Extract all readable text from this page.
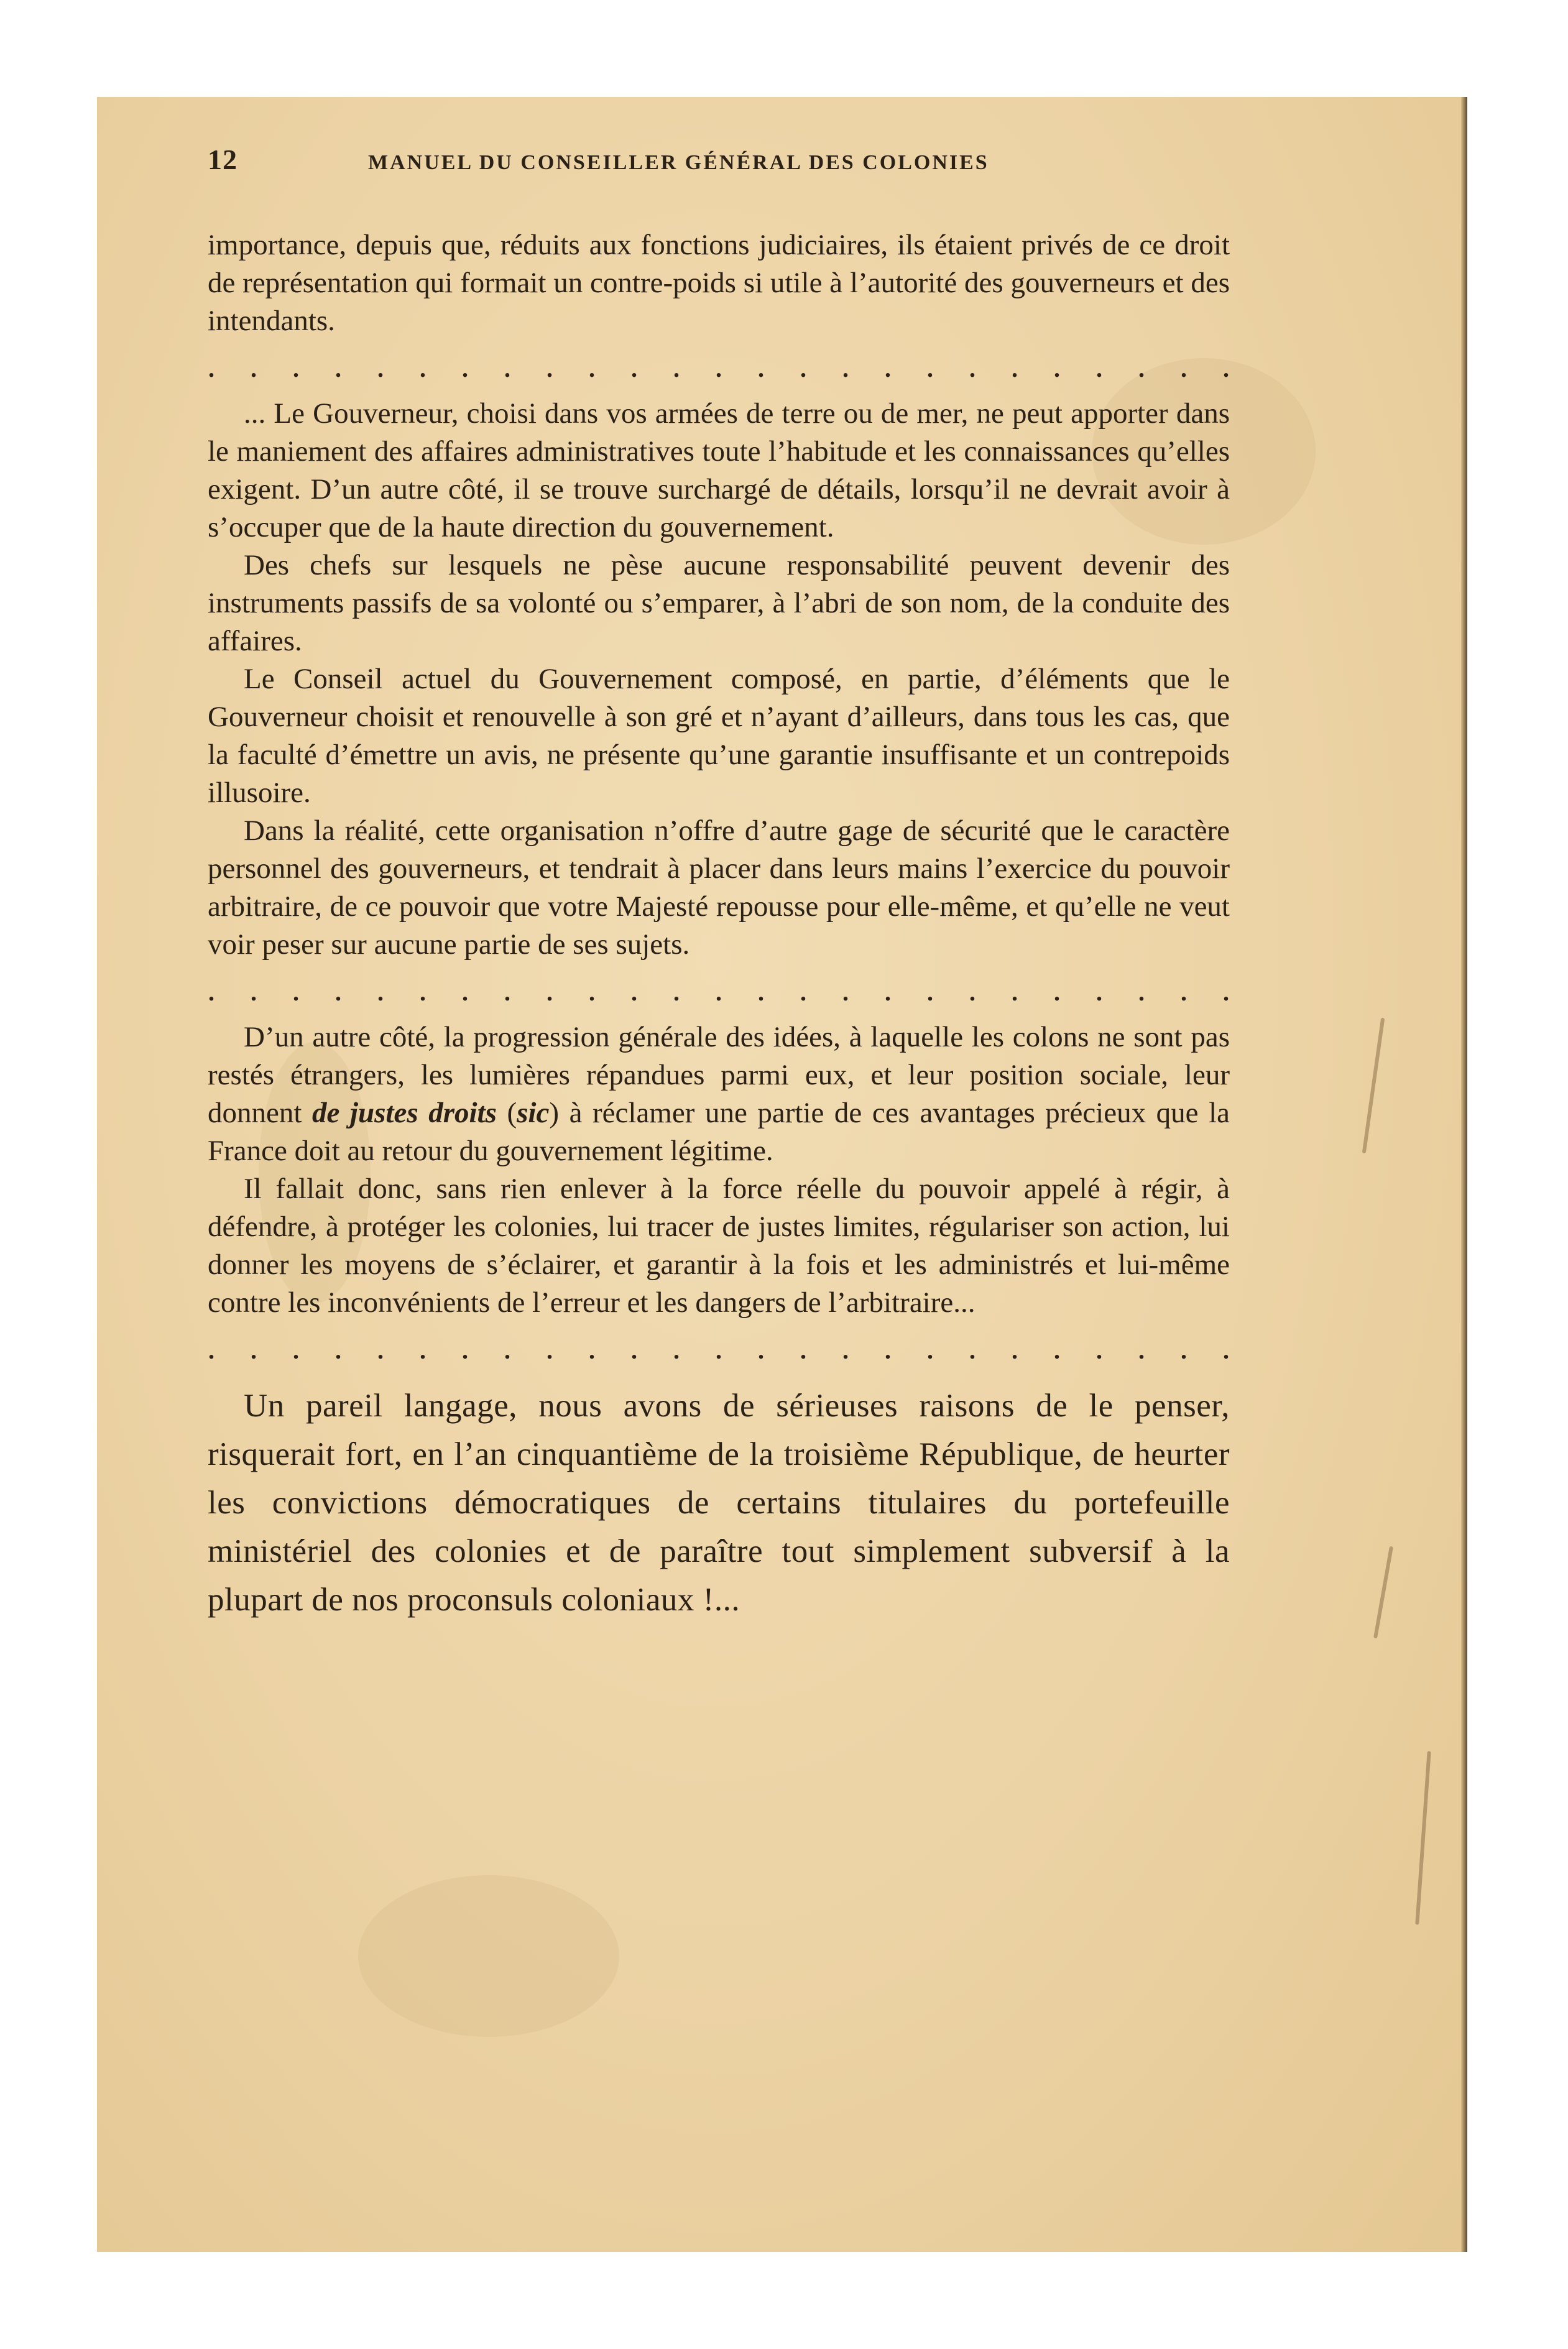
12	MANUEL DU CONSEILLER GÉNÉRAL DES COLONIES

importance, depuis que, réduits aux fonctions judiciaires, ils étaient privés de ce droit de représentation qui formait un contre-poids si utile à l’autorité des gouverneurs et des intendants.

. . . . . . . . . . . . . . . . . . . . . . . . .

... Le Gouverneur, choisi dans vos armées de terre ou de mer, ne peut apporter dans le maniement des affaires administratives toute l’habitude et les connaissances qu’elles exigent. D’un autre côté, il se trouve surchargé de détails, lorsqu’il ne devrait avoir à s’occuper que de la haute direction du gouvernement.

Des chefs sur lesquels ne pèse aucune responsabilité peuvent devenir des instruments passifs de sa volonté ou s’emparer, à l’abri de son nom, de la conduite des affaires.

Le Conseil actuel du Gouvernement composé, en partie, d’éléments que le Gouverneur choisit et renouvelle à son gré et n’ayant d’ailleurs, dans tous les cas, que la faculté d’émettre un avis, ne présente qu’une garantie insuffisante et un contrepoids illusoire.

Dans la réalité, cette organisation n’offre d’autre gage de sécurité que le caractère personnel des gouverneurs, et tendrait à placer dans leurs mains l’exercice du pouvoir arbitraire, de ce pouvoir que votre Majesté repousse pour elle-même, et qu’elle ne veut voir peser sur aucune partie de ses sujets.

. . . . . . . . . . . . . . . . . . . . . . . . .

D’un autre côté, la progression générale des idées, à laquelle les colons ne sont pas restés étrangers, les lumières répandues parmi eux, et leur position sociale, leur donnent de justes droits (sic) à réclamer une partie de ces avantages précieux que la France doit au retour du gouvernement légitime.

Il fallait donc, sans rien enlever à la force réelle du pouvoir appelé à régir, à défendre, à protéger les colonies, lui tracer de justes limites, régulariser son action, lui donner les moyens de s’éclairer, et garantir à la fois et les administrés et lui-même contre les inconvénients de l’erreur et les dangers de l’arbitraire...

. . . . . . . . . . . . . . . . . . . . . . . . .

Un pareil langage, nous avons de sérieuses raisons de le penser, risquerait fort, en l’an cinquantième de la troisième République, de heurter les convictions démocratiques de certains titulaires du portefeuille ministériel des colonies et de paraître tout simplement subversif à la plupart de nos proconsuls coloniaux !...
